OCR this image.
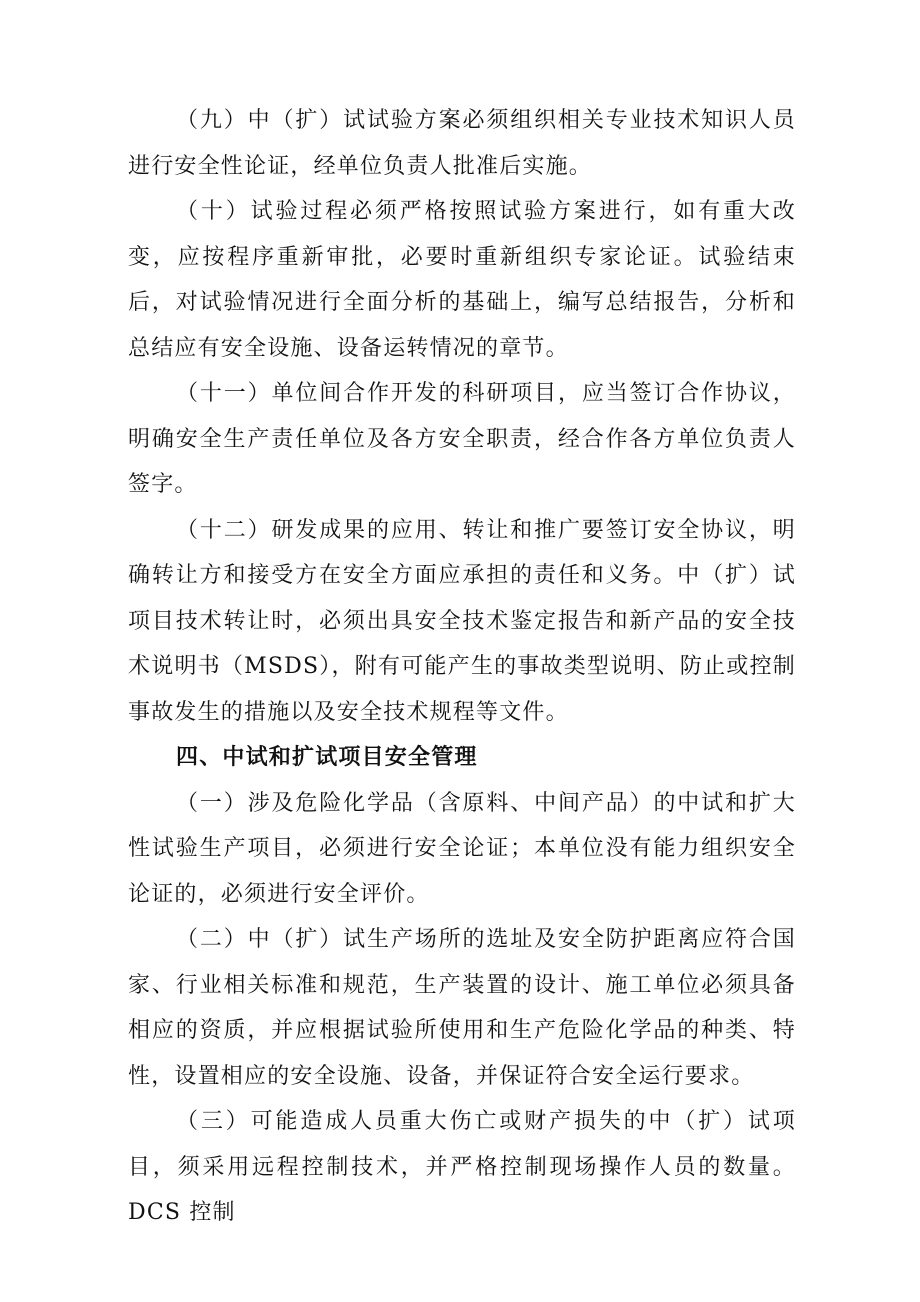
（九）中（扩）试试验方案必须组织相关专业技术知识人员进行安全性论证，经单位负责人批准后实施。

（十）试验过程必须严格按照试验方案进行，如有重大改变，应按程序重新审批，必要时重新组织专家论证。试验结束后，对试验情况进行全面分析的基础上，编写总结报告，分析和总结应有安全设施、设备运转情况的章节。

（十一）单位间合作开发的科研项目，应当签订合作协议，明确安全生产责任单位及各方安全职责，经合作各方单位负责人签字。

（十二）研发成果的应用、转让和推广要签订安全协议，明确转让方和接受方在安全方面应承担的责任和义务。中（扩）试项目技术转让时，必须出具安全技术鉴定报告和新产品的安全技术说明书（MSDS），附有可能产生的事故类型说明、防止或控制事故发生的措施以及安全技术规程等文件。

四、中试和扩试项目安全管理

（一）涉及危险化学品（含原料、中间产品）的中试和扩大性试验生产项目，必须进行安全论证；本单位没有能力组织安全论证的，必须进行安全评价。

（二）中（扩）试生产场所的选址及安全防护距离应符合国家、行业相关标准和规范，生产装置的设计、施工单位必须具备相应的资质，并应根据试验所使用和生产危险化学品的种类、特性，设置相应的安全设施、设备，并保证符合安全运行要求。

（三）可能造成人员重大伤亡或财产损失的中（扩）试项目，须采用远程控制技术，并严格控制现场操作人员的数量。DCS 控制
